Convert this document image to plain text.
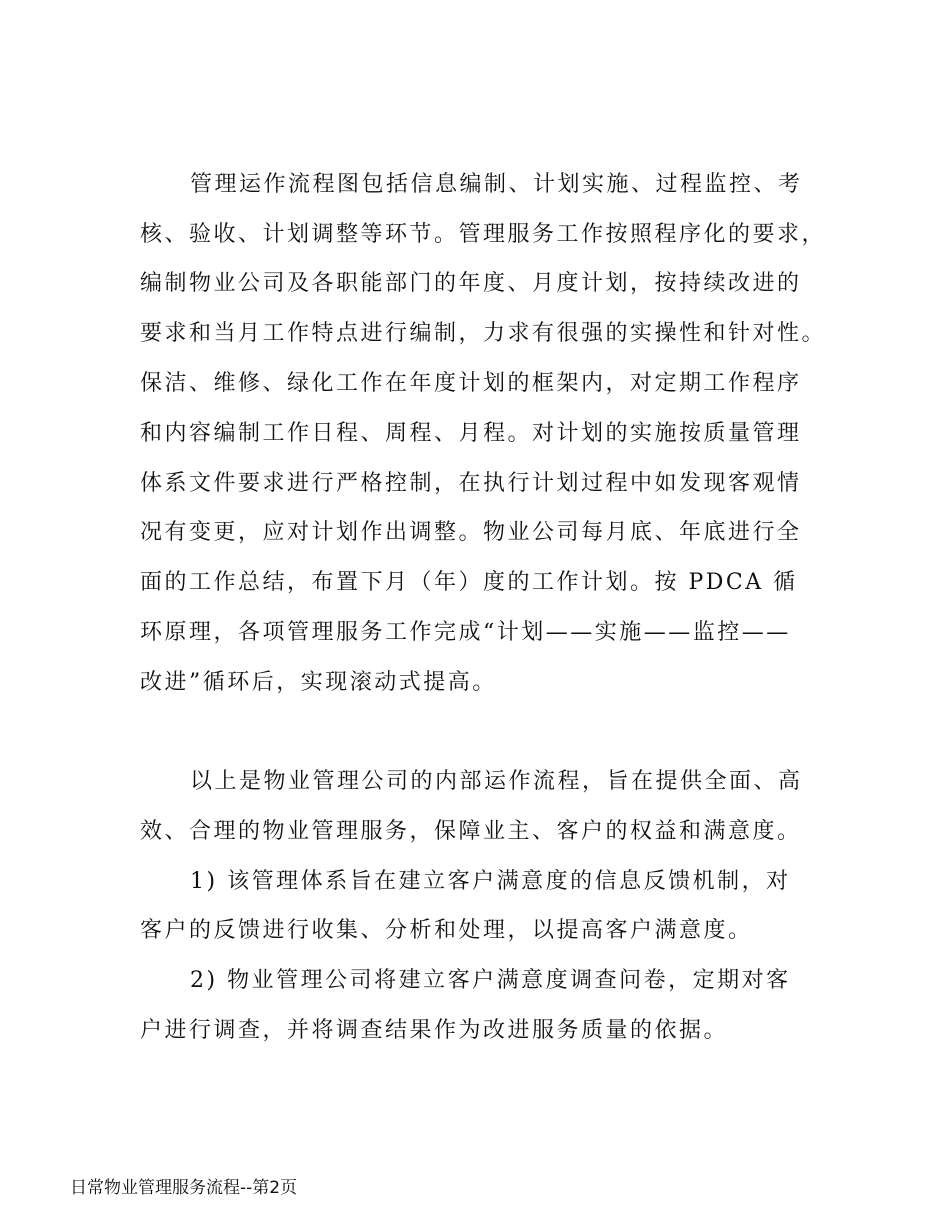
管理运作流程图包括信息编制、计划实施、过程监控、考
核、验收、计划调整等环节。管理服务工作按照程序化的要求，
编制物业公司及各职能部门的年度、月度计划，按持续改进的
要求和当月工作特点进行编制，力求有很强的实操性和针对性。
保洁、维修、绿化工作在年度计划的框架内，对定期工作程序
和内容编制工作日程、周程、月程。对计划的实施按质量管理
体系文件要求进行严格控制，在执行计划过程中如发现客观情
况有变更，应对计划作出调整。物业公司每月底、年底进行全
面的工作总结，布置下月（年）度的工作计划。按 PDCA 循
环原理，各项管理服务工作完成“计划——实施——监控——
改进”循环后，实现滚动式提高。
以上是物业管理公司的内部运作流程，旨在提供全面、高
效、合理的物业管理服务，保障业主、客户的权益和满意度。
1) 该管理体系旨在建立客户满意度的信息反馈机制，对
客户的反馈进行收集、分析和处理，以提高客户满意度。
2) 物业管理公司将建立客户满意度调查问卷，定期对客
户进行调查，并将调查结果作为改进服务质量的依据。
日常物业管理服务流程--第2页
